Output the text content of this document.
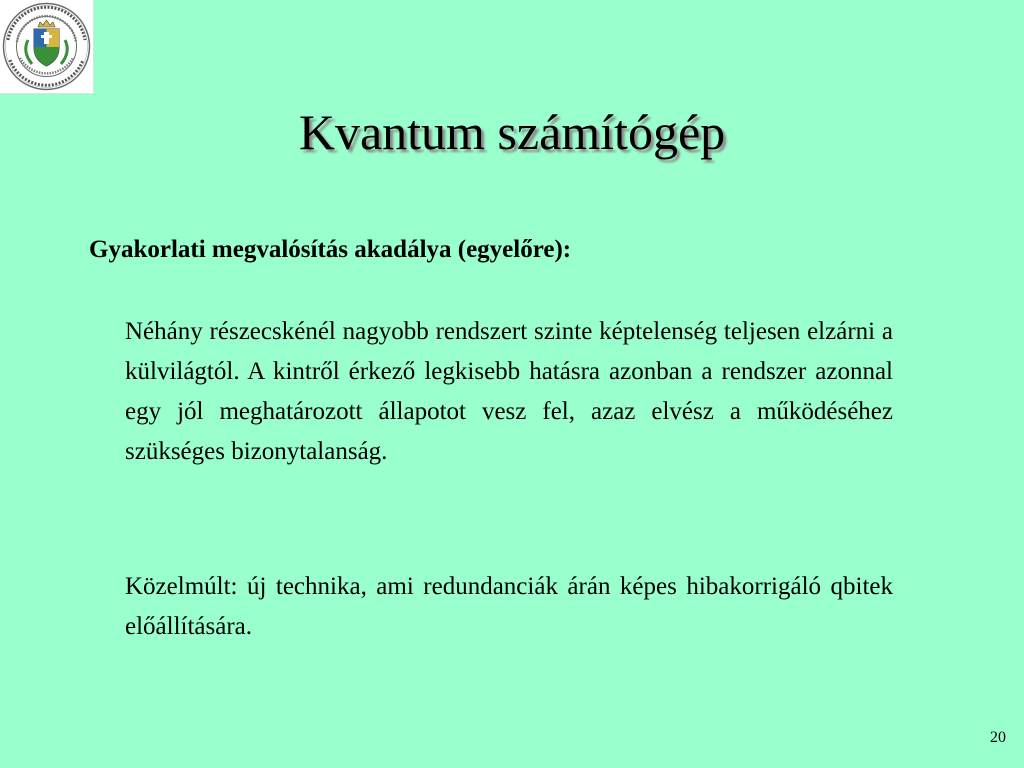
Kvantum számítógép
Gyakorlati megvalósítás akadálya (egyelőre):
Néhány részecskénél nagyobb rendszert szinte képtelenség teljesen elzárni a külvilágtól. A kintről érkező legkisebb hatásra azonban a rendszer azonnal egy jól meghatározott állapotot vesz fel, azaz elvész a működéséhez szükséges bizonytalanság.
Közelmúlt: új technika, ami redundanciák árán képes hibakorrigáló qbitek előállítására.
20
